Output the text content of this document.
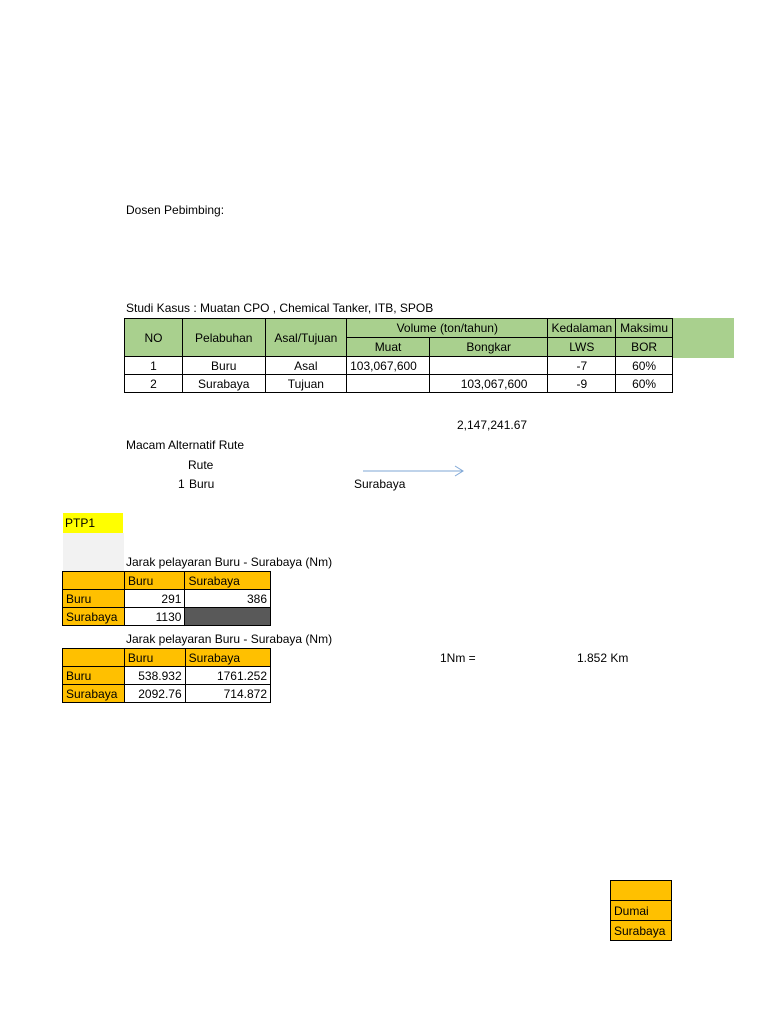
Dosen Pebimbing:
Studi Kasus : Muatan CPO , Chemical Tanker, ITB, SPOB
NO	Pelabuhan	Asal/Tujuan	Volume (ton/tahun)		Kedalaman	Maksimu
			Muat	Bongkar	LWS	BOR
1	Buru	Asal	103,067,600		-7	60%
2	Surabaya	Tujuan		103,067,600	-9	60%
2,147,241.67
Macam Alternatif Rute
Rute
1 Buru	Surabaya
PTP1
Jarak pelayaran Buru - Surabaya (Nm)
	Buru	Surabaya
Buru	291	386
Surabaya	1130	
Jarak pelayaran Buru - Surabaya (Nm)
	Buru	Surabaya
Buru	538.932	1761.252
Surabaya	2092.76	714.872
1Nm =	1.852 Km

Dumai
Surabaya
